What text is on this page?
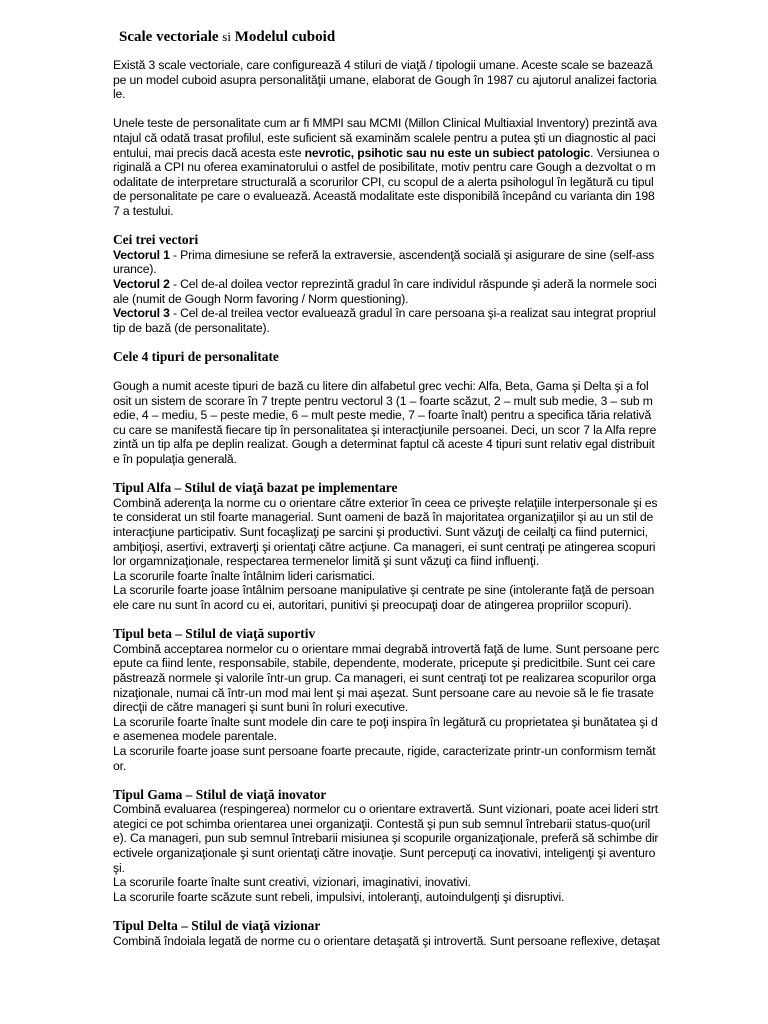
Scale vectoriale si Modelul cuboid

Există 3 scale vectoriale, care configurează 4 stiluri de viaţă / tipologii umane. Aceste scale se bazează
pe un model cuboid asupra personalităţii umane, elaborat de Gough în 1987 cu ajutorul analizei factoria
le.

Unele teste de personalitate cum ar fi MMPI sau MCMI (Millon Clinical Multiaxial Inventory) prezintă ava
ntajul că odată trasat profilul, este suficient să examinăm scalele pentru a putea şti un diagnostic al paci
entului, mai precis dacă acesta este nevrotic, psihotic sau nu este un subiect patologic. Versiunea o
riginală a CPI nu oferea examinatorului o astfel de posibilitate, motiv pentru care Gough a dezvoltat o m
odalitate de interpretare structurală a scorurilor CPI, cu scopul de a alerta psihologul în legătură cu tipul
de personalitate pe care o evaluează. Această modalitate este disponibilă începând cu varianta din 198
7 a testului.

Cei trei vectori

Vectorul 1 - Prima dimesiune se referă la extraversie, ascendenţă socială şi asigurare de sine (self-ass
urance).

Vectorul 2 - Cel de-al doilea vector reprezintă gradul în care individul răspunde şi aderă la normele soci
ale (numit de Gough Norm favoring / Norm questioning).

Vectorul 3 - Cel de-al treilea vector evaluează gradul în care persoana şi-a realizat sau integrat propriul
tip de bază (de personalitate).

Cele 4 tipuri de personalitate

Gough a numit aceste tipuri de bază cu litere din alfabetul grec vechi: Alfa, Beta, Gama şi Delta şi a fol
osit un sistem de scorare în 7 trepte pentru vectorul 3 (1 – foarte scăzut, 2 – mult sub medie, 3 – sub m
edie, 4 – mediu, 5 – peste medie, 6 – mult peste medie, 7 – foarte înalt) pentru a specifica tăria relativă
cu care se manifestă fiecare tip în personalitatea şi interacţiunile persoanei. Deci, un scor 7 la Alfa repre
zintă un tip alfa pe deplin realizat. Gough a determinat faptul că aceste 4 tipuri sunt relativ egal distribuit
e în populaţia generală.

Tipul Alfa – Stilul de viaţă bazat pe implementare

Combină aderenţa la norme cu o orientare către exterior în ceea ce priveşte relaţiile interpersonale şi es
te considerat un stil foarte managerial. Sunt oameni de bază în majoritatea organizaţiilor şi au un stil de
interacţiune participativ. Sunt focaşlizaţi pe sarcini şi productivi. Sunt văzuţi de ceilalţi ca fiind puternici,
ambiţioşi, asertivi, extraverţi şi orientaţi către acţiune. Ca manageri, ei sunt centraţi pe atingerea scopuri
lor orgamnizaţionale, respectarea termenelor limită şi sunt văzuţi ca fiind influenţi.
La scorurile foarte înalte întâlnim lideri carismatici.
La scorurile foarte joase întâlnim persoane manipulative şi centrate pe sine (intolerante faţă de persoan
ele care nu sunt în acord cu ei, autoritari, punitivi şi preocupaţi doar de atingerea propriilor scopuri).

Tipul beta – Stilul de viaţă suportiv

Combină acceptarea normelor cu o orientare mmai degrabă introvertă faţă de lume. Sunt persoane perc
epute ca fiind lente, responsabile, stabile, dependente, moderate, pricepute şi predicitbile. Sunt cei care
păstrează normele şi valorile într-un grup. Ca manageri, ei sunt centraţi tot pe realizarea scopurilor orga
nizaţionale, numai că într-un mod mai lent şi mai aşezat. Sunt persoane care au nevoie să le fie trasate
direcţii de către manageri şi sunt buni în roluri executive.
La scorurile foarte înalte sunt modele din care te poţi inspira în legătură cu proprietatea şi bunătatea şi d
e asemenea modele parentale.
La scorurile foarte joase sunt persoane foarte precaute, rigide, caracterizate printr-un conformism temăt
or.

Tipul Gama – Stilul de viaţă inovator

Combină evaluarea (respingerea) normelor cu o orientare extravertă. Sunt vizionari, poate acei lideri strt
ategici ce pot schimba orientarea unei organizaţii. Contestă şi pun sub semnul întrebarii status-quo(uril
e). Ca manageri, pun sub semnul întrebarii misiunea şi scopurile organizaţionale, preferă să schimbe dir
ectivele organizaţionale şi sunt orientaţi către inovaţie. Sunt percepuţi ca inovativi, inteligenţi şi aventuro
şi.
La scorurile foarte înalte sunt creativi, vizionari, imaginativi, inovativi.
La scorurile foarte scăzute sunt rebeli, impulsivi, intoleranţi, autoindulgenţi şi disruptivi.

Tipul Delta – Stilul de viaţă vizionar

Combină îndoiala legată de norme cu o orientare detaşată şi introvertă. Sunt persoane reflexive, detaşat
